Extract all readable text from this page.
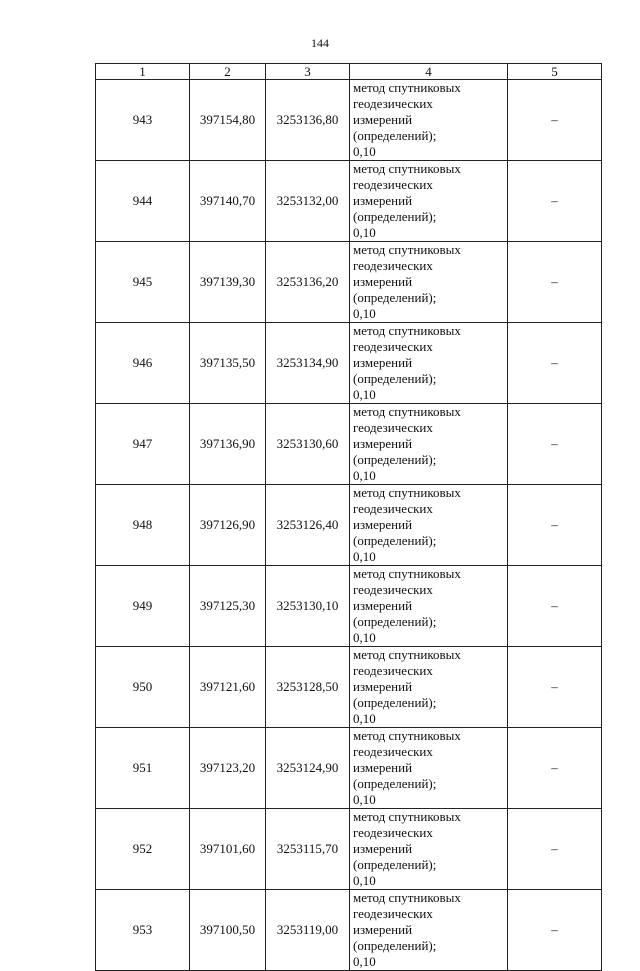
144
1	2	3	4	5
943	397154,80	3253136,80	метод спутниковых геодезических измерений (определений); 0,10	–
944	397140,70	3253132,00	метод спутниковых геодезических измерений (определений); 0,10	–
945	397139,30	3253136,20	метод спутниковых геодезических измерений (определений); 0,10	–
946	397135,50	3253134,90	метод спутниковых геодезических измерений (определений); 0,10	–
947	397136,90	3253130,60	метод спутниковых геодезических измерений (определений); 0,10	–
948	397126,90	3253126,40	метод спутниковых геодезических измерений (определений); 0,10	–
949	397125,30	3253130,10	метод спутниковых геодезических измерений (определений); 0,10	–
950	397121,60	3253128,50	метод спутниковых геодезических измерений (определений); 0,10	–
951	397123,20	3253124,90	метод спутниковых геодезических измерений (определений); 0,10	–
952	397101,60	3253115,70	метод спутниковых геодезических измерений (определений); 0,10	–
953	397100,50	3253119,00	метод спутниковых геодезических измерений (определений); 0,10	–
